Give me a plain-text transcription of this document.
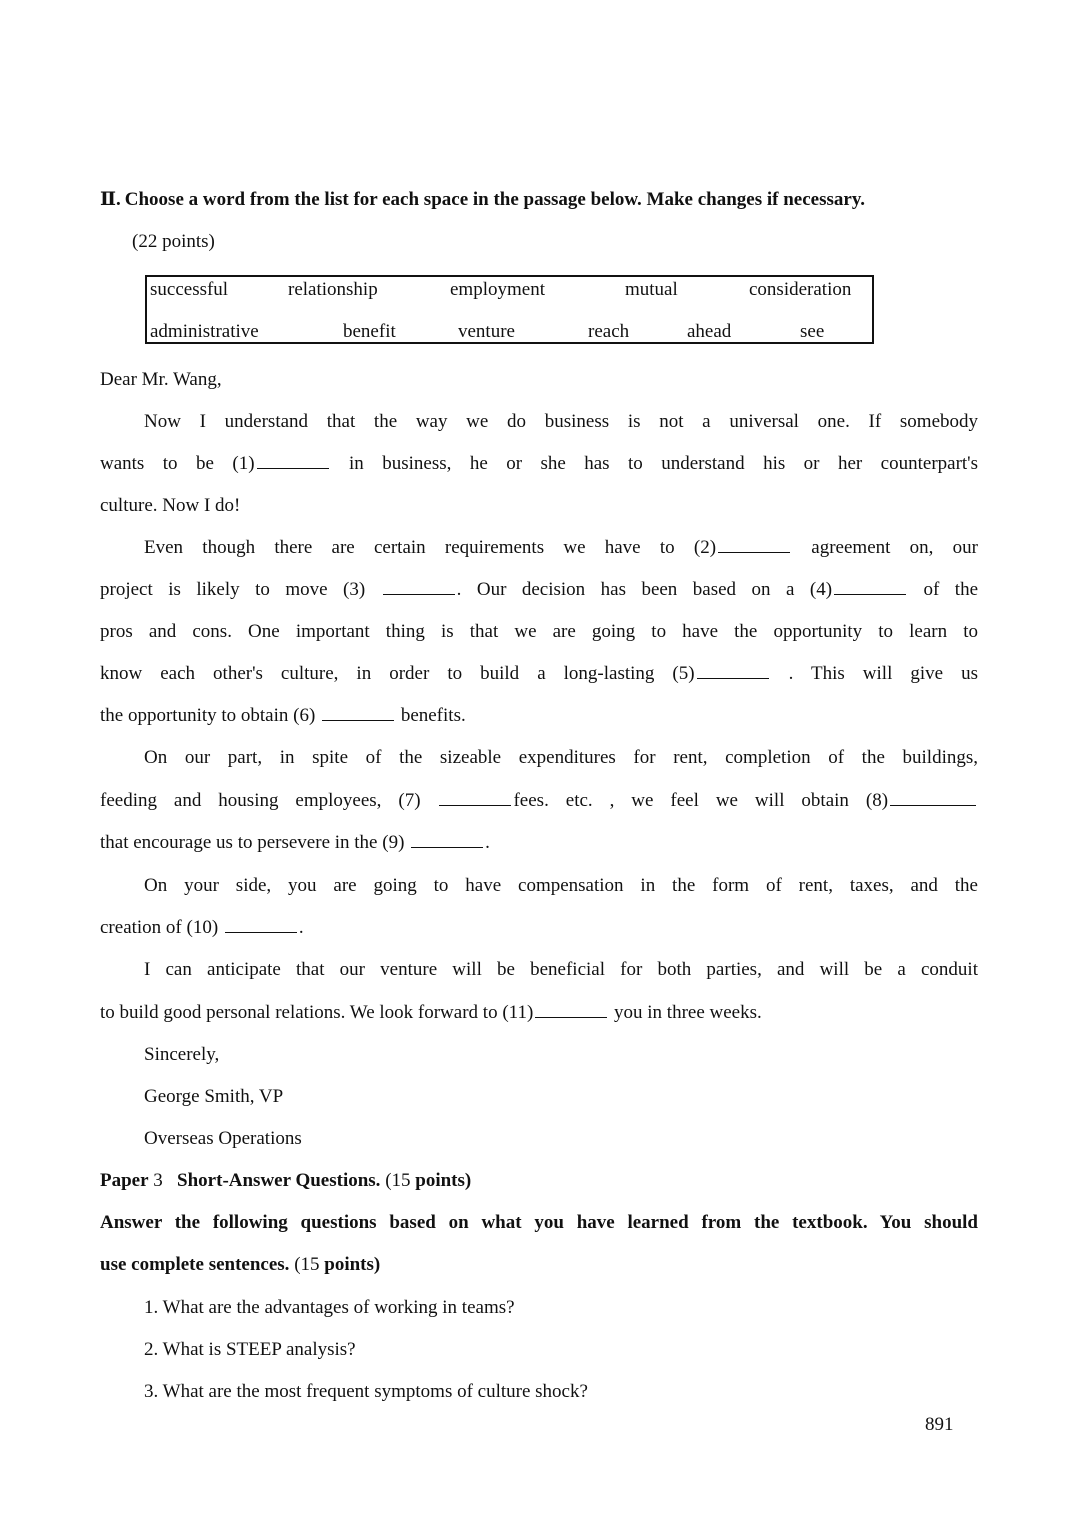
Ⅱ. Choose a word from the list for each space in the passage below. Make changes if necessary.
(22 points)
successful	relationship	employment	mutual	consideration
administrative	benefit	venture	reach	ahead	see
Dear Mr. Wang,
Now I understand that the way we do business is not a universal one. If somebody
wants to be (1)	in business, he or she has to understand his or her counterpart's
culture. Now I do!
Even though there are certain requirements we have to (2)	agreement on, our
project is likely to move (3)	. Our decision has been based on a (4)	of the
pros and cons. One important thing is that we are going to have the opportunity to learn to
know each other's culture, in order to build a long-lasting (5)	. This will give us
the opportunity to obtain (6)	benefits.
On our part, in spite of the sizeable expenditures for rent, completion of the buildings,
feeding and housing employees, (7)	fees. etc. , we feel we will obtain (8)
that encourage us to persevere in the (9)	.
On your side, you are going to have compensation in the form of rent, taxes, and the
creation of (10)	.
I can anticipate that our venture will be beneficial for both parties, and will be a conduit
to build good personal relations. We look forward to (11)	you in three weeks.
Sincerely,
George Smith, VP
Overseas Operations
Paper 3 Short-Answer Questions. (15 points)
Answer the following questions based on what you have learned from the textbook. You should
use complete sentences. (15 points)
1. What are the advantages of working in teams?
2. What is STEEP analysis?
3. What are the most frequent symptoms of culture shock?
891
